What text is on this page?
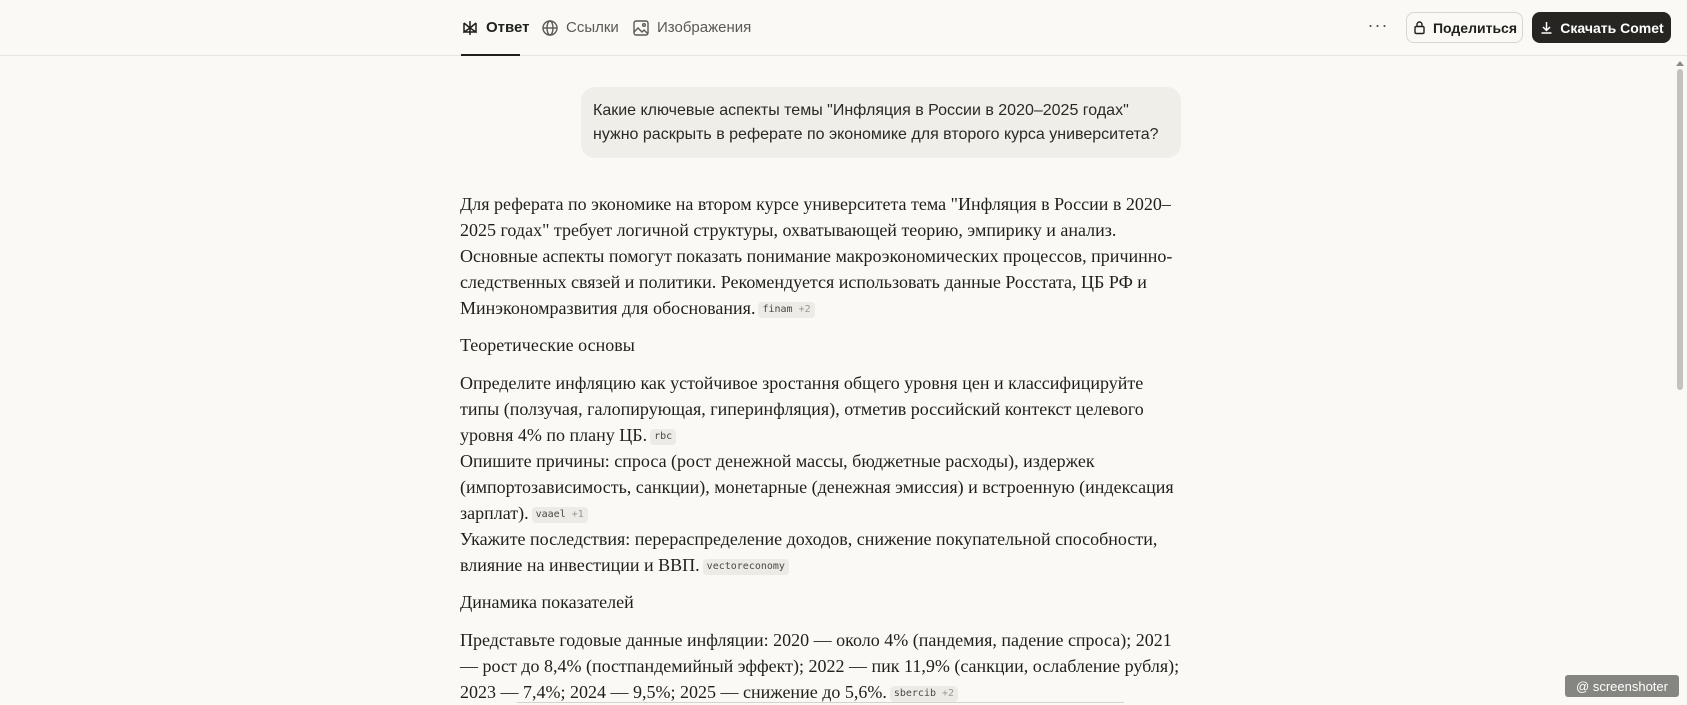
Ответ Ссылки	Изображения	···	Поделиться	Скачать Comet
Какие ключевые аспекты темы "Инфляция в России в 2020–2025 годах" нужно раскрыть в реферате по экономике для второго курса университета?

Для реферата по экономике на втором курсе университета тема "Инфляция в России в 2020–2025 годах" требует логичной структуры, охватывающей теорию, эмпирику и анализ. Основные аспекты помогут показать понимание макроэкономических процессов, причинно-следственных связей и политики. Рекомендуется использовать данные Росстата, ЦБ РФ и Минэкономразвития для обоснования. finam +2

Теоретические основы

Определите инфляцию как устойчивое зростання общего уровня цен и классифицируйте типы (ползучая, галопирующая, гиперинфляция), отметив российский контекст целевого уровня 4% по плану ЦБ. rbc

Опишите причины: спроса (рост денежной массы, бюджетные расходы), издержек (импортозависимость, санкции), монетарные (денежная эмиссия) и встроенную (индексация зарплат). vaael +1

Укажите последствия: перераспределение доходов, снижение покупательной способности, влияние на инвестиции и ВВП. vectoreconomy

Динамика показателей

Представьте годовые данные инфляции: 2020 — около 4% (пандемия, падение спроса); 2021 — рост до 8,4% (постпандемийный эффект); 2022 — пик 11,9% (санкции, ослабление рубля); 2023 — 7,4%; 2024 — 9,5%; 2025 — снижение до 5,6%. sbercib +2	@ screenshoter
